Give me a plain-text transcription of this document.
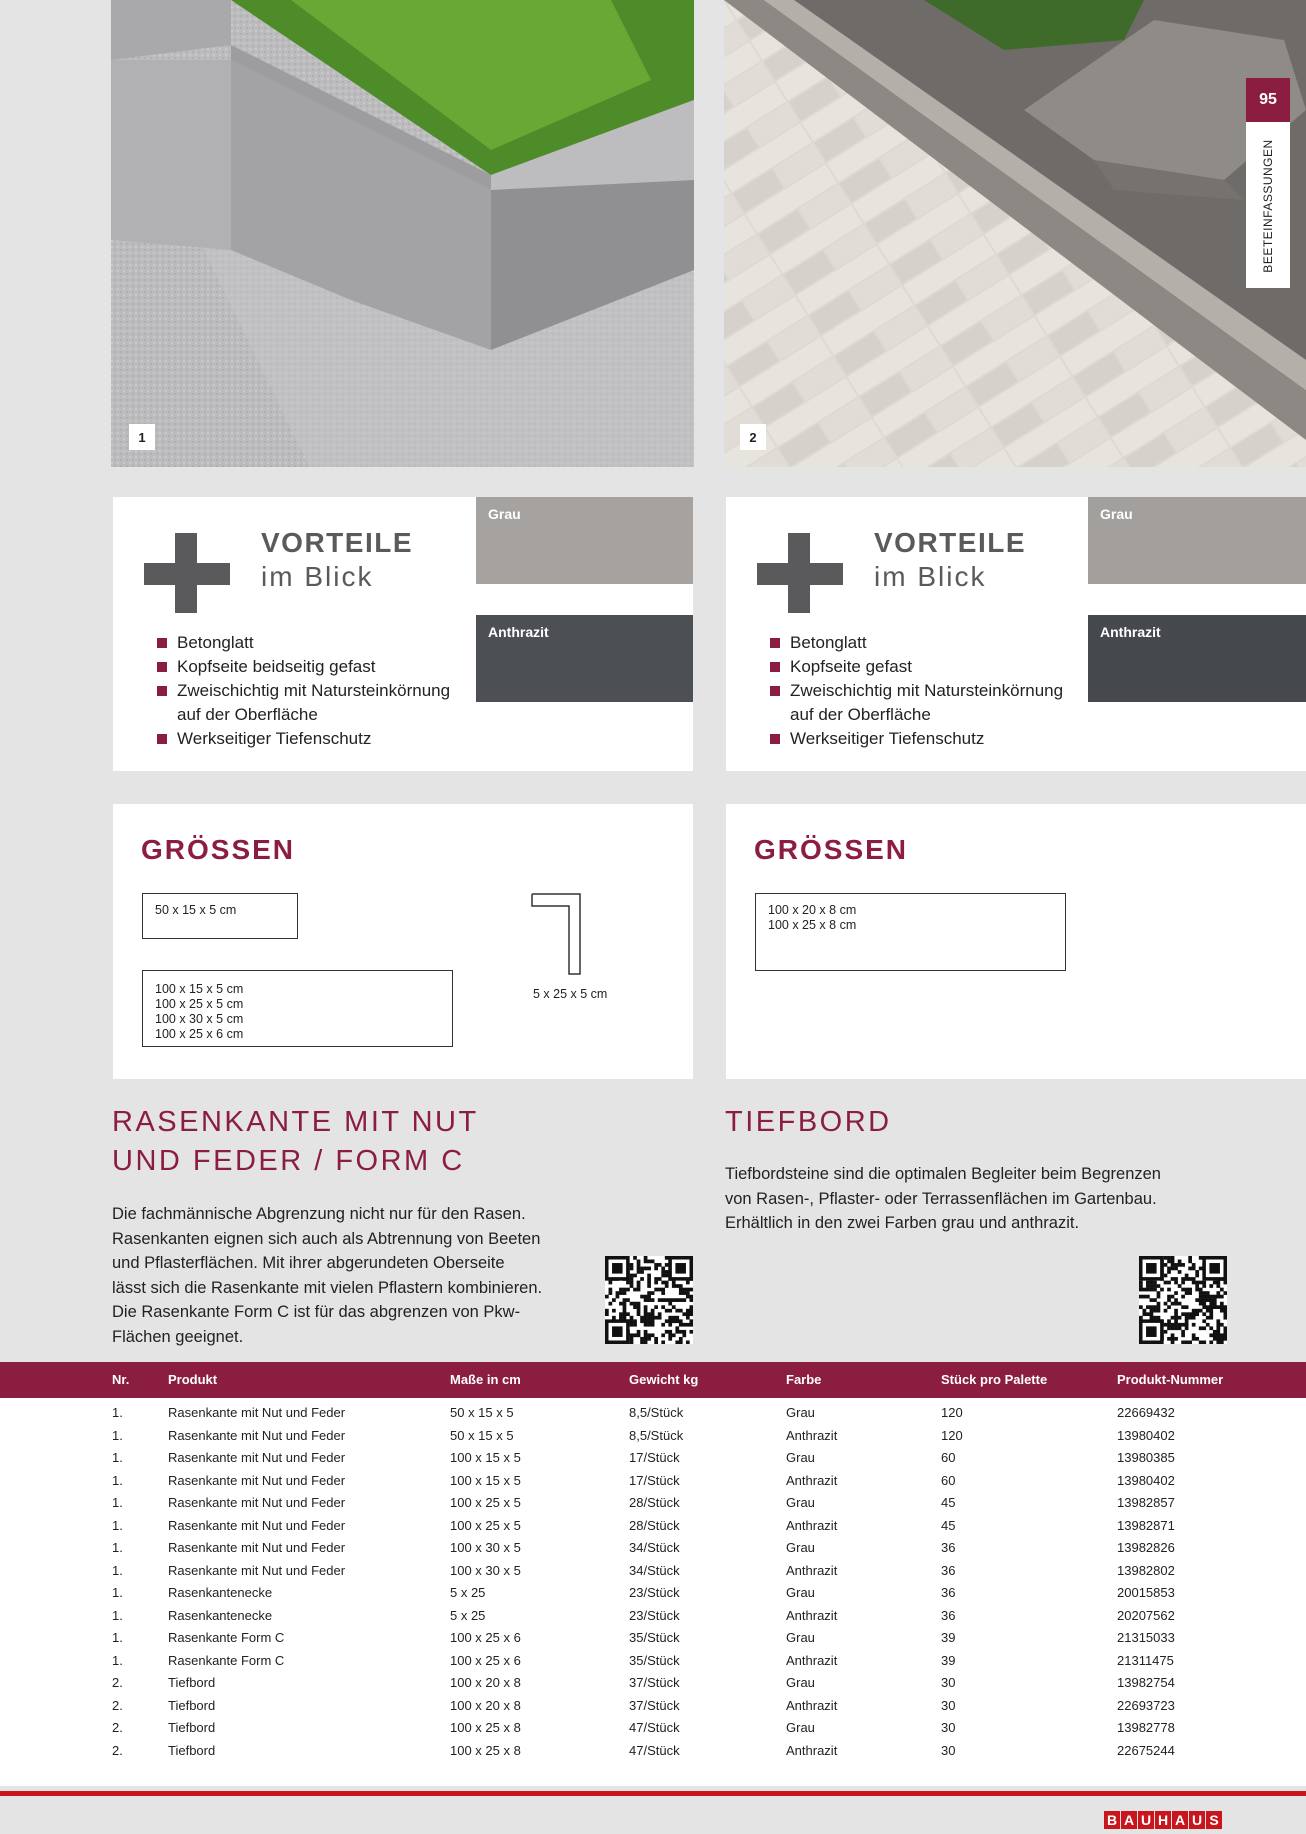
1	2
95
BEETEINFASSUNGEN
VORTEILE
im Blick
Grau
Anthrazit
Betonglatt
Kopfseite beidseitig gefast
Zweischichtig mit Natursteinkörnung
auf der Oberfläche
Werkseitiger Tiefenschutz
VORTEILE
im Blick
Grau
Anthrazit
Betonglatt
Kopfseite gefast
Zweischichtig mit Natursteinkörnung
auf der Oberfläche
Werkseitiger Tiefenschutz
GRÖSSEN
50 x 15 x 5 cm
100 x 15 x 5 cm
100 x 25 x 5 cm
100 x 30 x 5 cm
100 x 25 x 6 cm
5 x 25 x 5 cm
GRÖSSEN
100 x 20 x 8 cm
100 x 25 x 8 cm
RASENKANTE MIT NUT
UND FEDER / FORM C
Die fachmännische Abgrenzung nicht nur für den Rasen.
Rasenkanten eignen sich auch als Abtrennung von Beeten
und Pflasterflächen. Mit ihrer abgerundeten Oberseite
lässt sich die Rasenkante mit vielen Pflastern kombinieren.
Die Rasenkante Form C ist für das abgrenzen von Pkw-
Flächen geeignet.
TIEFBORD
Tiefbordsteine sind die optimalen Begleiter beim Begrenzen
von Rasen-, Pflaster- oder Terrassenflächen im Gartenbau.
Erhältlich in den zwei Farben grau und anthrazit.
Nr.	Produkt	Maße in cm	Gewicht kg	Farbe	Stück pro Palette	Produkt-Nummer
1.	Rasenkante mit Nut und Feder	50 x 15 x 5	8,5/Stück	Grau	120	22669432
1.	Rasenkante mit Nut und Feder	50 x 15 x 5	8,5/Stück	Anthrazit	120	13980402
1.	Rasenkante mit Nut und Feder	100 x 15 x 5	17/Stück	Grau	60	13980385
1.	Rasenkante mit Nut und Feder	100 x 15 x 5	17/Stück	Anthrazit	60	13980402
1.	Rasenkante mit Nut und Feder	100 x 25 x 5	28/Stück	Grau	45	13982857
1.	Rasenkante mit Nut und Feder	100 x 25 x 5	28/Stück	Anthrazit	45	13982871
1.	Rasenkante mit Nut und Feder	100 x 30 x 5	34/Stück	Grau	36	13982826
1.	Rasenkante mit Nut und Feder	100 x 30 x 5	34/Stück	Anthrazit	36	13982802
1.	Rasenkantenecke	5 x 25	23/Stück	Grau	36	20015853
1.	Rasenkantenecke	5 x 25	23/Stück	Anthrazit	36	20207562
1.	Rasenkante Form C	100 x 25 x 6	35/Stück	Grau	39	21315033
1.	Rasenkante Form C	100 x 25 x 6	35/Stück	Anthrazit	39	21311475
2.	Tiefbord	100 x 20 x 8	37/Stück	Grau	30	13982754
2.	Tiefbord	100 x 20 x 8	37/Stück	Anthrazit	30	22693723
2.	Tiefbord	100 x 25 x 8	47/Stück	Grau	30	13982778
2.	Tiefbord	100 x 25 x 8	47/Stück	Anthrazit	30	22675244
B A U H A U S
